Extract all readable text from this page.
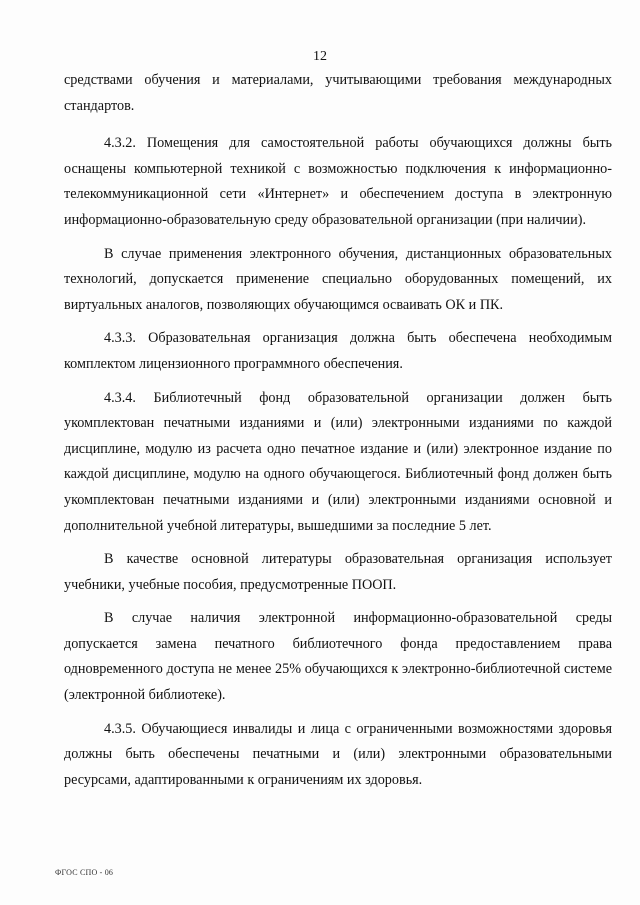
12

средствами обучения и материалами, учитывающими требования международных стандартов.

4.3.2. Помещения для самостоятельной работы обучающихся должны быть оснащены компьютерной техникой с возможностью подключения к информационно-телекоммуникационной сети «Интернет» и обеспечением доступа в электронную информационно-образовательную среду образовательной организации (при наличии).

В случае применения электронного обучения, дистанционных образовательных технологий, допускается применение специально оборудованных помещений, их виртуальных аналогов, позволяющих обучающимся осваивать ОК и ПК.

4.3.3. Образовательная организация должна быть обеспечена необходимым комплектом лицензионного программного обеспечения.

4.3.4. Библиотечный фонд образовательной организации должен быть укомплектован печатными изданиями и (или) электронными изданиями по каждой дисциплине, модулю из расчета одно печатное издание и (или) электронное издание по каждой дисциплине, модулю на одного обучающегося. Библиотечный фонд должен быть укомплектован печатными изданиями и (или) электронными изданиями основной и дополнительной учебной литературы, вышедшими за последние 5 лет.

В качестве основной литературы образовательная организация использует учебники, учебные пособия, предусмотренные ПООП.

В случае наличия электронной информационно-образовательной среды допускается замена печатного библиотечного фонда предоставлением права одновременного доступа не менее 25% обучающихся к электронно-библиотечной системе (электронной библиотеке).

4.3.5. Обучающиеся инвалиды и лица с ограниченными возможностями здоровья должны быть обеспечены печатными и (или) электронными образовательными ресурсами, адаптированными к ограничениям их здоровья.

ФГОС СПО - 06
